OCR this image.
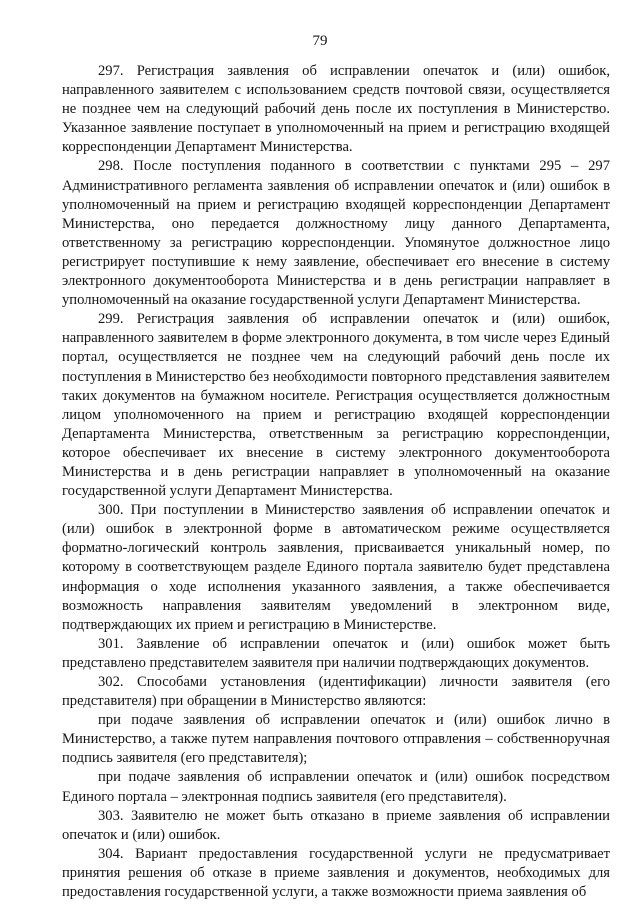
79

297. Регистрация заявления об исправлении опечаток и (или) ошибок, направленного заявителем с использованием средств почтовой связи, осуществляется не позднее чем на следующий рабочий день после их поступления в Министерство. Указанное заявление поступает в уполномоченный на прием и регистрацию входящей корреспонденции Департамент Министерства.

298. После поступления поданного в соответствии с пунктами 295 – 297 Административного регламента заявления об исправлении опечаток и (или) ошибок в уполномоченный на прием и регистрацию входящей корреспонденции Департамент Министерства, оно передается должностному лицу данного Департамента, ответственному за регистрацию корреспонденции. Упомянутое должностное лицо регистрирует поступившие к нему заявление, обеспечивает его внесение в систему электронного документооборота Министерства и в день регистрации направляет в уполномоченный на оказание государственной услуги Департамент Министерства.

299. Регистрация заявления об исправлении опечаток и (или) ошибок, направленного заявителем в форме электронного документа, в том числе через Единый портал, осуществляется не позднее чем на следующий рабочий день после их поступления в Министерство без необходимости повторного представления заявителем таких документов на бумажном носителе. Регистрация осуществляется должностным лицом уполномоченного на прием и регистрацию входящей корреспонденции Департамента Министерства, ответственным за регистрацию корреспонденции, которое обеспечивает их внесение в систему электронного документооборота Министерства и в день регистрации направляет в уполномоченный на оказание государственной услуги Департамент Министерства.

300. При поступлении в Министерство заявления об исправлении опечаток и (или) ошибок в электронной форме в автоматическом режиме осуществляется форматно-логический контроль заявления, присваивается уникальный номер, по которому в соответствующем разделе Единого портала заявителю будет представлена информация о ходе исполнения указанного заявления, а также обеспечивается возможность направления заявителям уведомлений в электронном виде, подтверждающих их прием и регистрацию в Министерстве.

301. Заявление об исправлении опечаток и (или) ошибок может быть представлено представителем заявителя при наличии подтверждающих документов.

302. Способами установления (идентификации) личности заявителя (его представителя) при обращении в Министерство являются:

при подаче заявления об исправлении опечаток и (или) ошибок лично в Министерство, а также путем направления почтового отправления – собственноручная подпись заявителя (его представителя);

при подаче заявления об исправлении опечаток и (или) ошибок посредством Единого портала – электронная подпись заявителя (его представителя).

303. Заявителю не может быть отказано в приеме заявления об исправлении опечаток и (или) ошибок.

304. Вариант предоставления государственной услуги не предусматривает принятия решения об отказе в приеме заявления и документов, необходимых для предоставления государственной услуги, а также возможности приема заявления об
